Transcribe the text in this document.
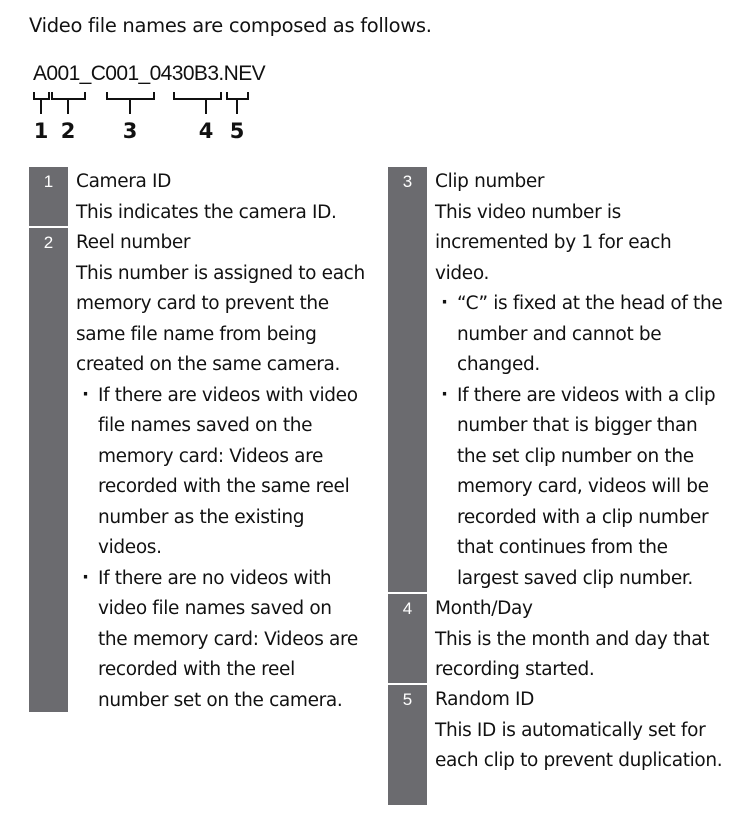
Video file names are composed as follows.
A001_C001_0430B3.NEV
1 2 3	4 5
1	Camera ID

This indicates the camera ID.

2	Reel number

This number is assigned to each memory card to prevent the same file name from being created on the same camera.

· If there are videos with video file names saved on the memory card: Videos are recorded with the same reel number as the existing videos.

· If there are no videos with video file names saved on the memory card: Videos are recorded with the reel number set on the camera.

3	Clip number

This video number is incremented by 1 for each video.

· “C” is fixed at the head of the number and cannot be changed.

· If there are videos with a clip number that is bigger than the set clip number on the memory card, videos will be recorded with a clip number that continues from the largest saved clip number.

4	Month/Day

This is the month and day that recording started.

5	Random ID

This ID is automatically set for each clip to prevent duplication.
